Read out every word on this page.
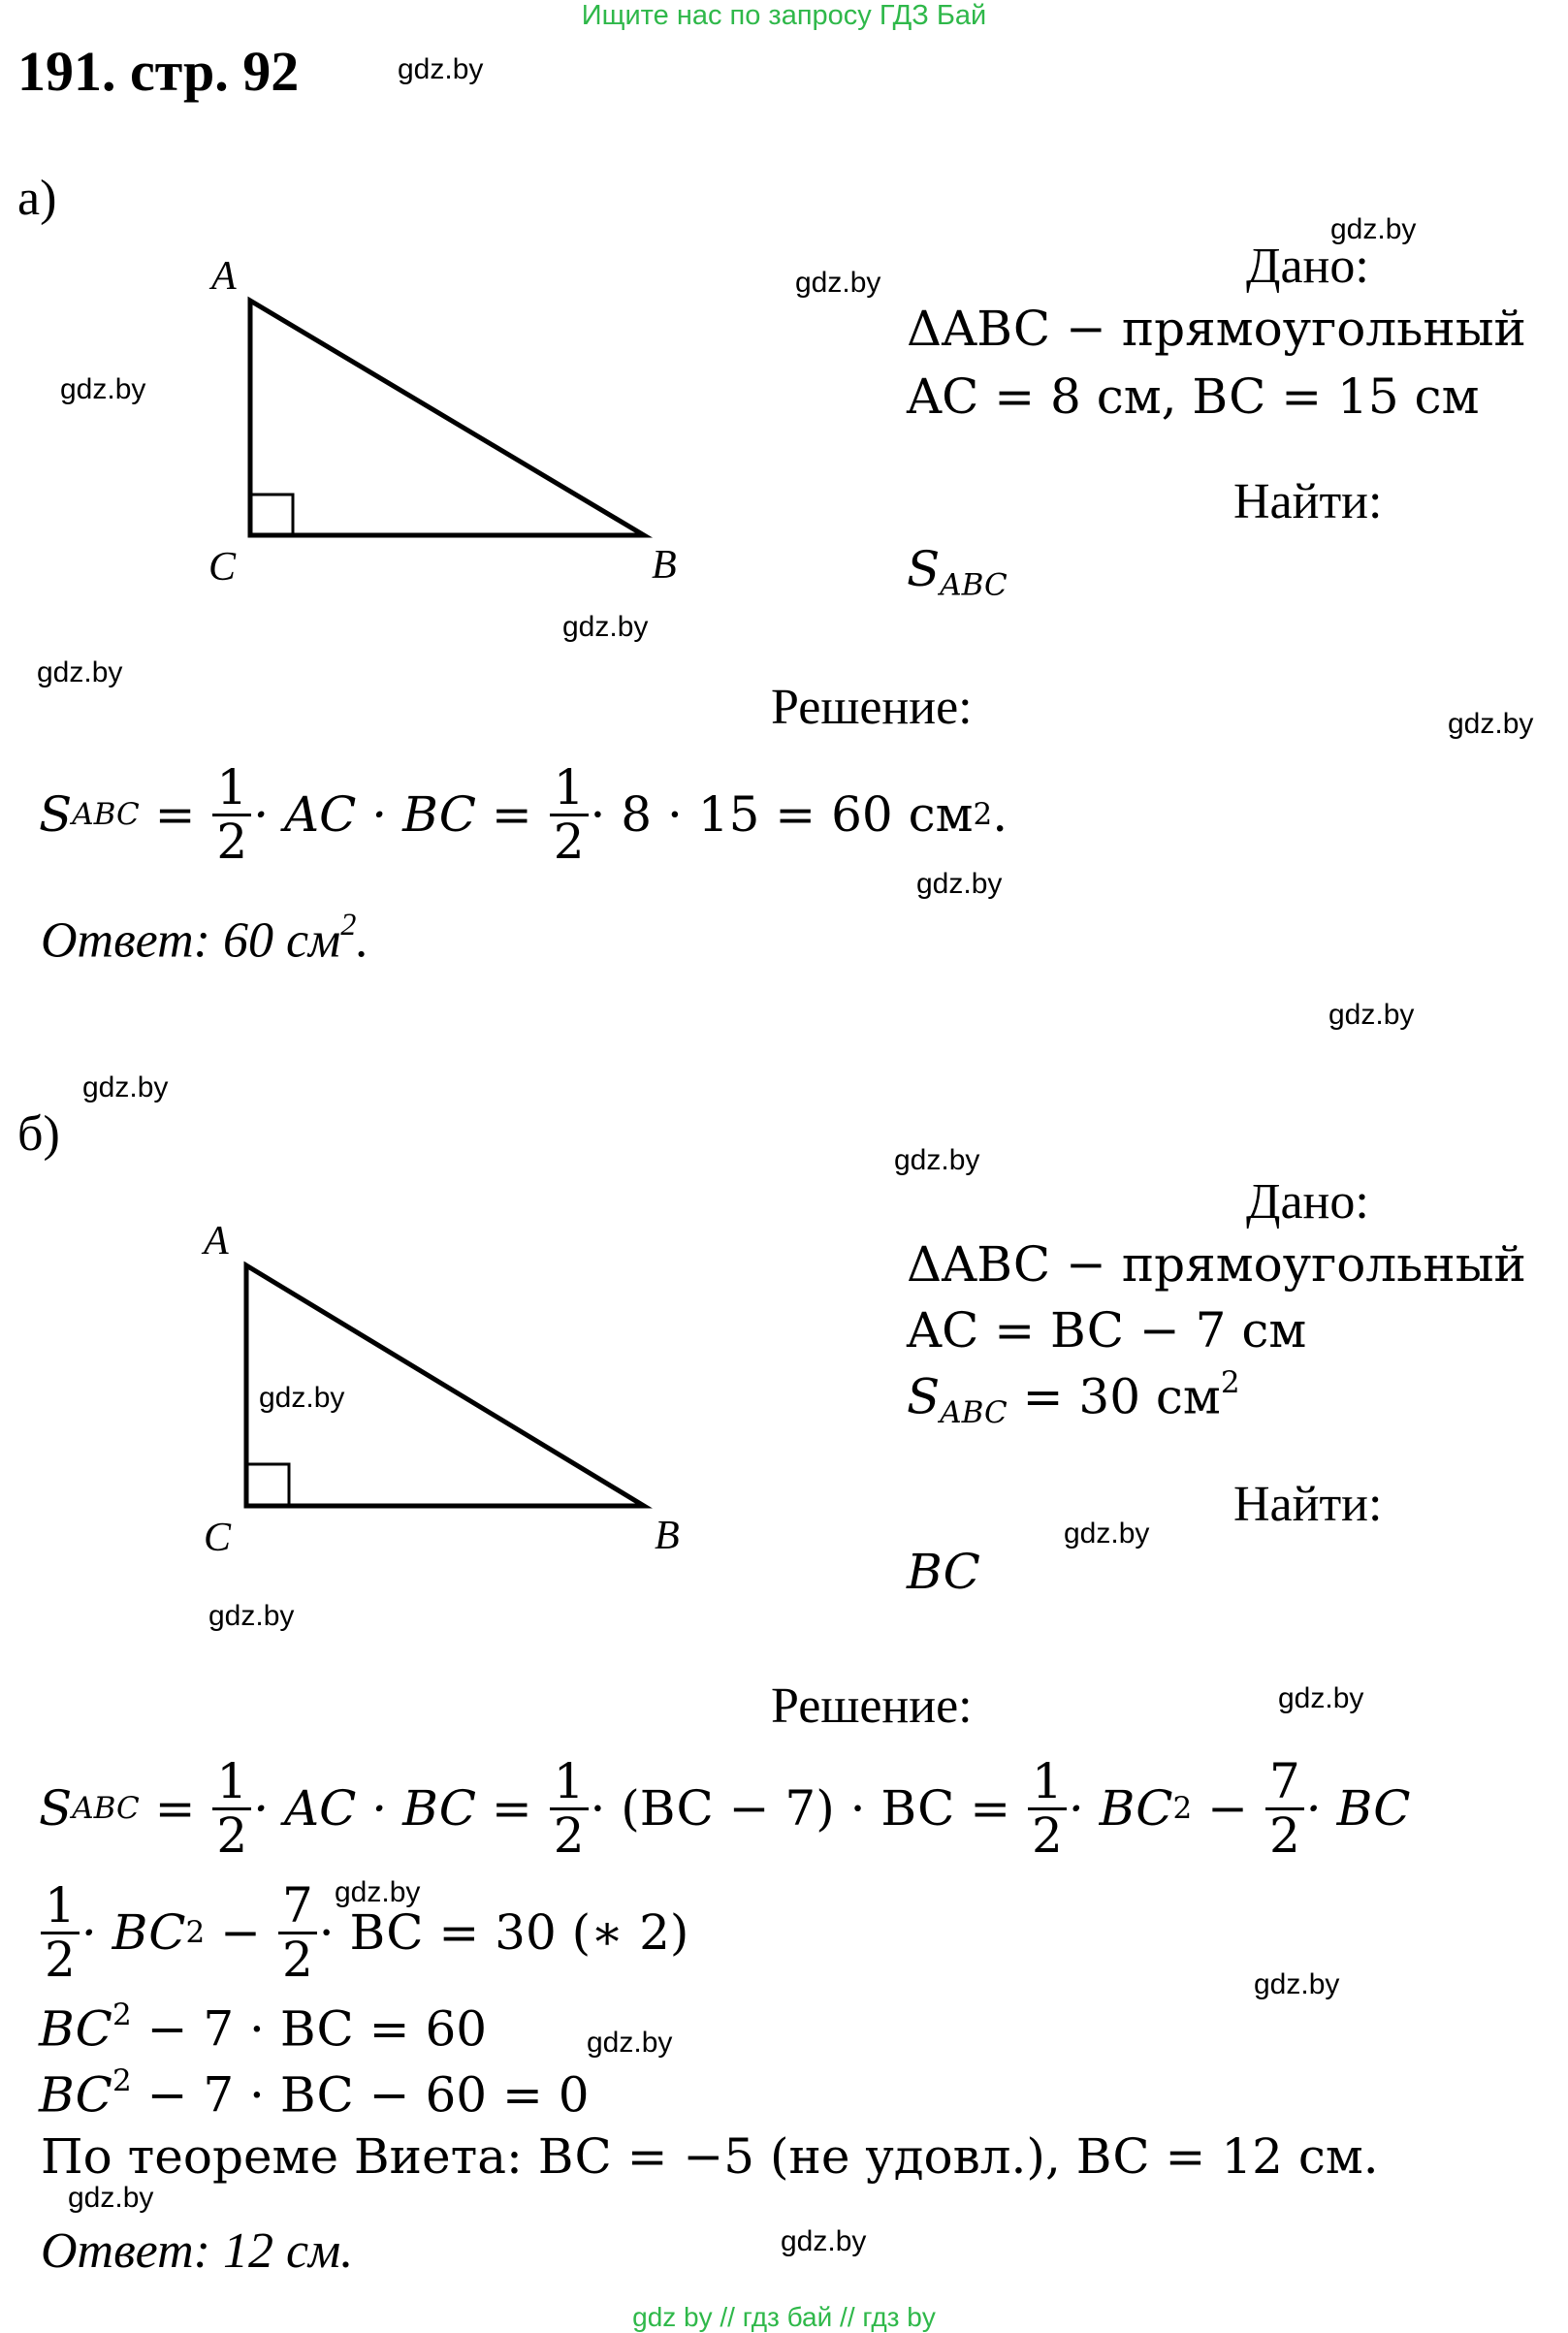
Ищите нас по запросу ГДЗ Бай
191. стр. 92	gdz.by
gdz.by
gdz.by
gdz.by
gdz.by
gdz.by
gdz.by
gdz.by
gdz.by
gdz.by
gdz.by
gdz.by
gdz.by
gdz.by
gdz.by
gdz.by
gdz.by
gdz.by
gdz.by
gdz.by
а)
A
C	B
A
C	B
Дано:
ΔABC − прямоугольный
AC = 8 см, BC = 15 см
Найти:
$S_{ABC}$
Решение:
S ABC = $\frac{1}{2}$ · AC · BC = $\frac{1}{2} \cdot 8 \cdot 15 = 60$ см 2 .
Ответ: 60 $см^2$.
б)
Дано:
ΔABC − прямоугольный
AC = BC − 7 см
$S_{ABC} = 30$ $см^2$
Найти:
BC
Решение:
S ABC = $\frac{1}{2}$ · AC · BC = $\frac{1}{2} \cdot (BC - 7)$ · BC = $\frac{1}{2}$ · BC $2 - \frac{7}{2}$ · BC
$\frac{1}{2}$ · BC $2 - \frac{7}{2}$ · BC = 30 (∗ 2)
$BC^2 - 7$ · BC = 60
$BC^2 - 7$ · BC − 60 = 0
По теореме Виета: BC = −5 (не удовл.), BC = 12 см.
Ответ: 12 см.
gdz by // гдз бай // гдз by
